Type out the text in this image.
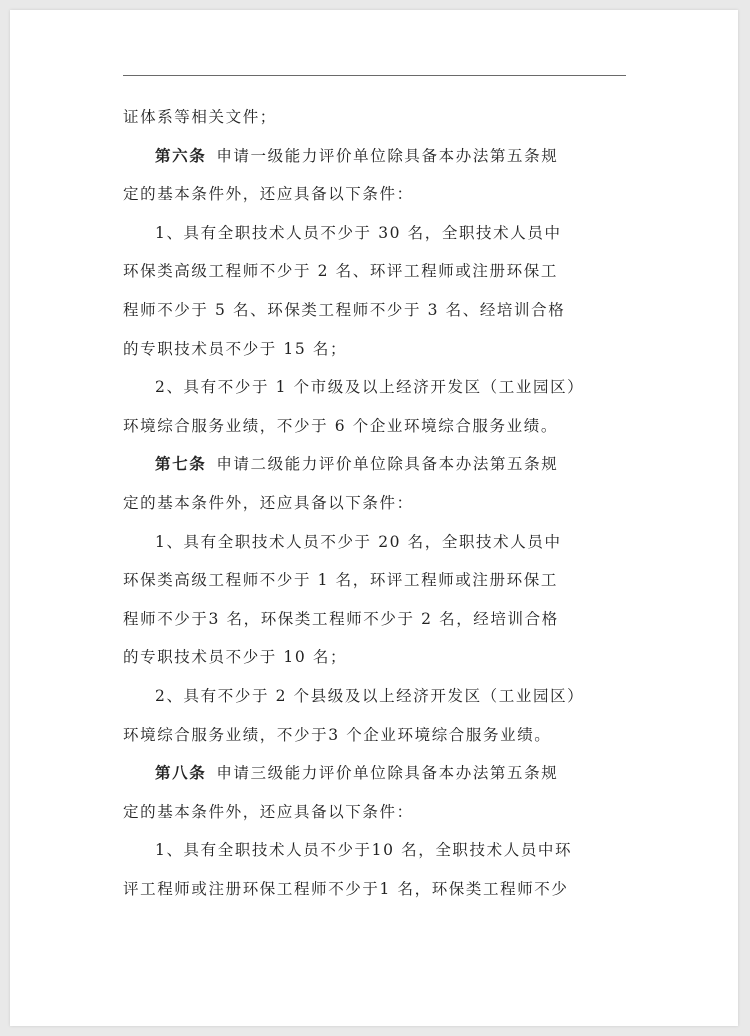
证体系等相关文件；
第六条 申请一级能力评价单位除具备本办法第五条规
定的基本条件外，还应具备以下条件：
1、具有全职技术人员不少于 30 名，全职技术人员中
环保类高级工程师不少于 2 名、环评工程师或注册环保工
程师不少于 5 名、环保类工程师不少于 3 名、经培训合格
的专职技术员不少于 15 名；
2、具有不少于 1 个市级及以上经济开发区（工业园区）
环境综合服务业绩，不少于 6 个企业环境综合服务业绩。
第七条 申请二级能力评价单位除具备本办法第五条规
定的基本条件外，还应具备以下条件：
1、具有全职技术人员不少于 20 名，全职技术人员中
环保类高级工程师不少于 1 名，环评工程师或注册环保工
程师不少于3 名，环保类工程师不少于 2 名，经培训合格
的专职技术员不少于 10 名；
2、具有不少于 2 个县级及以上经济开发区（工业园区）
环境综合服务业绩，不少于3 个企业环境综合服务业绩。
第八条 申请三级能力评价单位除具备本办法第五条规
定的基本条件外，还应具备以下条件：
1、具有全职技术人员不少于10 名，全职技术人员中环
评工程师或注册环保工程师不少于1 名，环保类工程师不少
